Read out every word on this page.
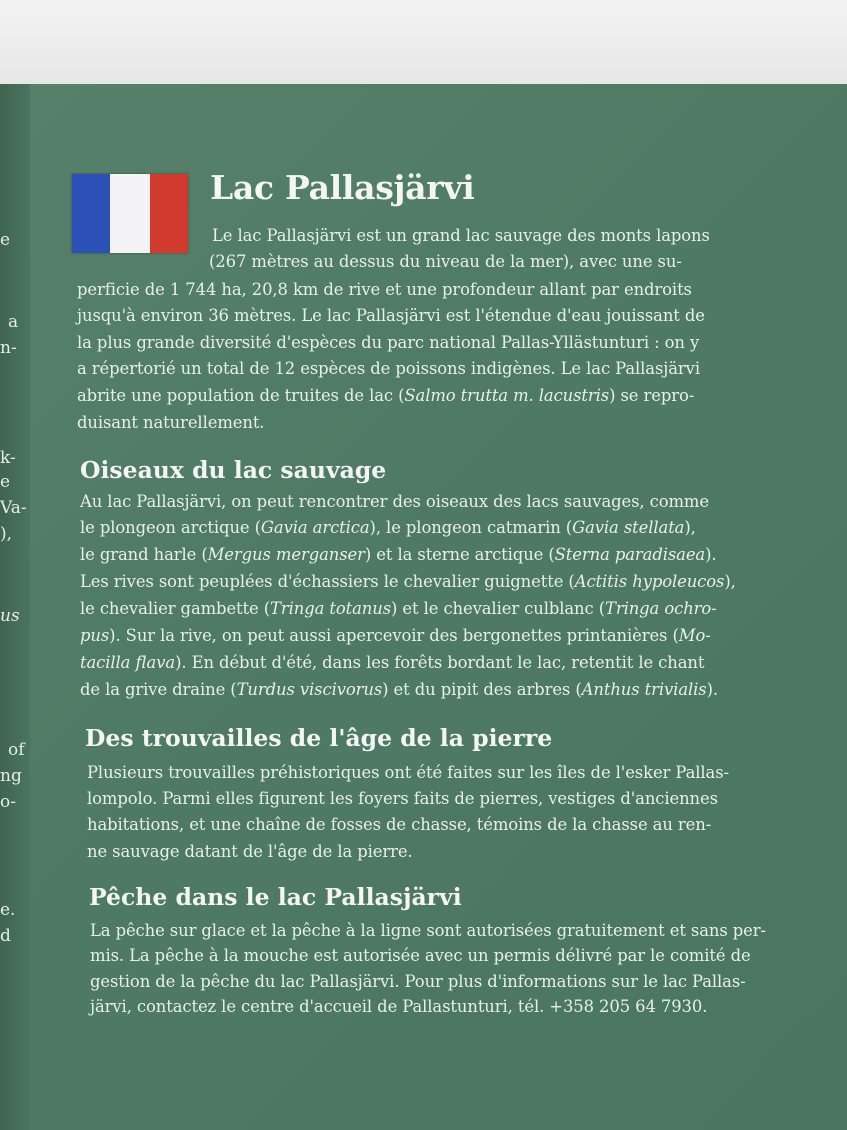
e
a
n-
k-
e
Va-
),
us
of
ng
o-
e.
d
Lac Pallasjärvi
Le lac Pallasjärvi est un grand lac sauvage des monts lapons
(267 mètres au dessus du niveau de la mer), avec une su-
perficie de 1 744 ha, 20,8 km de rive et une profondeur allant par endroits
jusqu'à environ 36 mètres. Le lac Pallasjärvi est l'étendue d'eau jouissant de
la plus grande diversité d'espèces du parc national Pallas-Yllästunturi : on y
a répertorié un total de 12 espèces de poissons indigènes. Le lac Pallasjärvi
abrite une population de truites de lac (Salmo trutta m. lacustris) se repro-
duisant naturellement.
Oiseaux du lac sauvage
Au lac Pallasjärvi, on peut rencontrer des oiseaux des lacs sauvages, comme
le plongeon arctique (Gavia arctica), le plongeon catmarin (Gavia stellata),
le grand harle (Mergus merganser) et la sterne arctique (Sterna paradisaea).
Les rives sont peuplées d'échassiers le chevalier guignette (Actitis hypoleucos),
le chevalier gambette (Tringa totanus) et le chevalier culblanc (Tringa ochro-
pus). Sur la rive, on peut aussi apercevoir des bergonettes printanières (Mo-
tacilla flava). En début d'été, dans les forêts bordant le lac, retentit le chant
de la grive draine (Turdus viscivorus) et du pipit des arbres (Anthus trivialis).
Des trouvailles de l'âge de la pierre
Plusieurs trouvailles préhistoriques ont été faites sur les îles de l'esker Pallas-
lompolo. Parmi elles figurent les foyers faits de pierres, vestiges d'anciennes
habitations, et une chaîne de fosses de chasse, témoins de la chasse au ren-
ne sauvage datant de l'âge de la pierre.
Pêche dans le lac Pallasjärvi
La pêche sur glace et la pêche à la ligne sont autorisées gratuitement et sans per-
mis. La pêche à la mouche est autorisée avec un permis délivré par le comité de
gestion de la pêche du lac Pallasjärvi. Pour plus d'informations sur le lac Pallas-
järvi, contactez le centre d'accueil de Pallastunturi, tél. +358 205 64 7930.
